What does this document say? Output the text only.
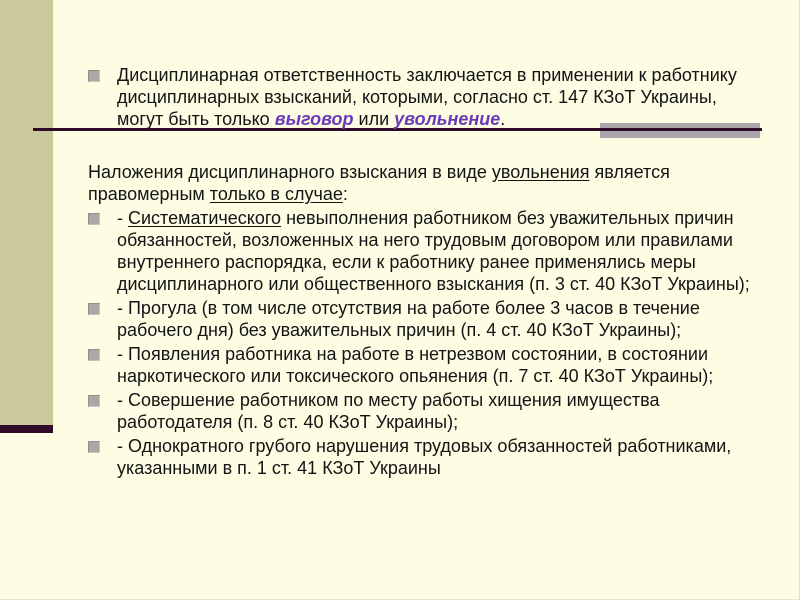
Дисциплинарная ответственность заключается в применении к работнику
дисциплинарных взысканий, которыми, согласно ст. 147 КЗоТ Украины,
могут быть только выговор или увольнение.
Наложения дисциплинарного взыскания в виде увольнения является
правомерным только в случае:
- Систематического невыполнения работником без уважительных причин
обязанностей, возложенных на него трудовым договором или правилами
внутреннего распорядка, если к работнику ранее применялись меры
дисциплинарного или общественного взыскания (п. 3 ст. 40 КЗоТ Украины);
- Прогула (в том числе отсутствия на работе более 3 часов в течение
рабочего дня) без уважительных причин (п. 4 ст. 40 КЗоТ Украины);
- Появления работника на работе в нетрезвом состоянии, в состоянии
наркотического или токсического опьянения (п. 7 ст. 40 КЗоТ Украины);
- Совершение работником по месту работы хищения имущества
работодателя (п. 8 ст. 40 КЗоТ Украины);
- Однократного грубого нарушения трудовых обязанностей работниками,
указанными в п. 1 ст. 41 КЗоТ Украины
